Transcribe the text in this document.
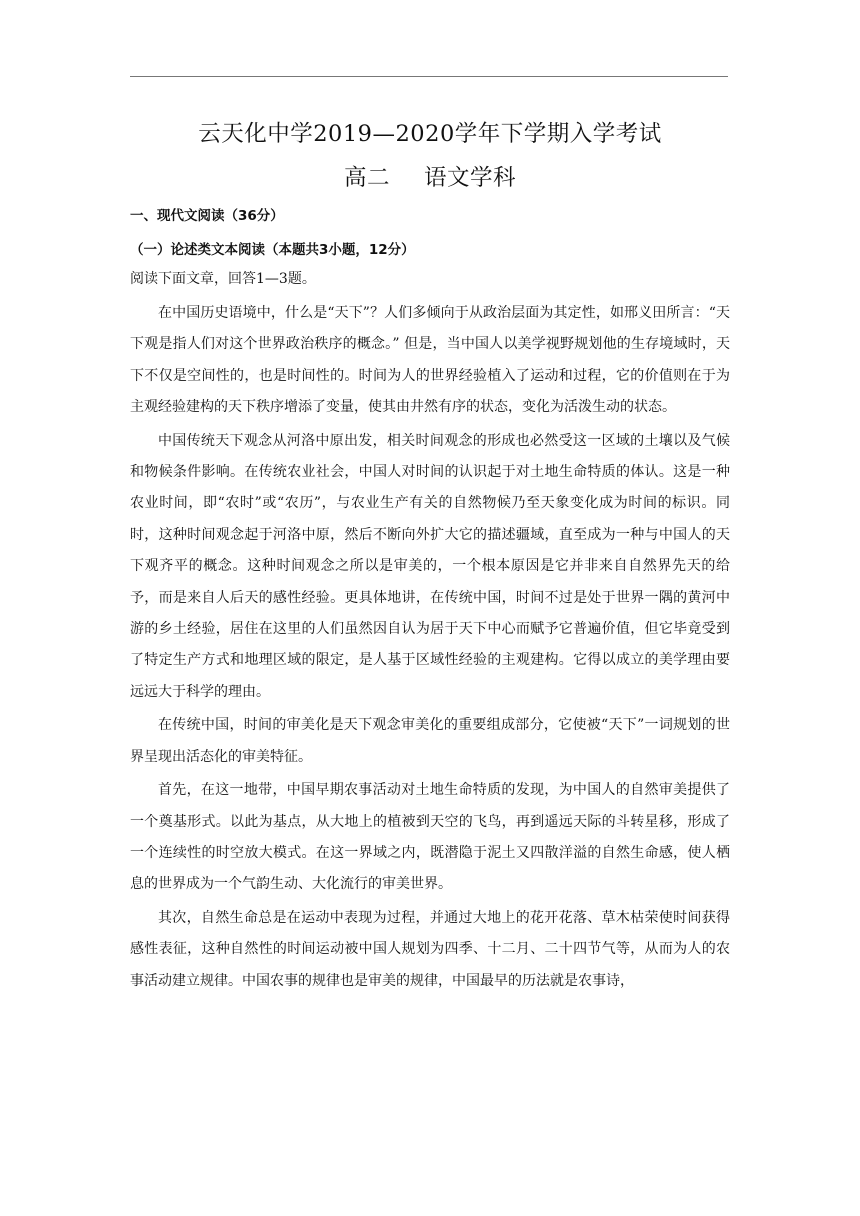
云天化中学2019—2020学年下学期入学考试
高二 语文学科
一、现代文阅读（36分）
（一）论述类文本阅读（本题共3小题，12分）
阅读下面文章，回答1—3题。

在中国历史语境中，什么是“天下”？人们多倾向于从政治层面为其定性，如邢义田所言：“天下观是指人们对这个世界政治秩序的概念。” 但是，当中国人以美学视野规划他的生存境域时，天下不仅是空间性的，也是时间性的。时间为人的世界经验植入了运动和过程，它的价值则在于为主观经验建构的天下秩序增添了变量，使其由井然有序的状态，变化为活泼生动的状态。

中国传统天下观念从河洛中原出发，相关时间观念的形成也必然受这一区域的土壤以及气候和物候条件影响。在传统农业社会，中国人对时间的认识起于对土地生命特质的体认。这是一种农业时间，即“农时”或“农历”，与农业生产有关的自然物候乃至天象变化成为时间的标识。同时，这种时间观念起于河洛中原，然后不断向外扩大它的描述疆域，直至成为一种与中国人的天下观齐平的概念。这种时间观念之所以是审美的，一个根本原因是它并非来自自然界先天的给予，而是来自人后天的感性经验。更具体地讲，在传统中国，时间不过是处于世界一隅的黄河中游的乡土经验，居住在这里的人们虽然因自认为居于天下中心而赋予它普遍价值，但它毕竟受到了特定生产方式和地理区域的限定，是人基于区域性经验的主观建构。它得以成立的美学理由要远远大于科学的理由。

在传统中国，时间的审美化是天下观念审美化的重要组成部分，它使被“天下”一词规划的世界呈现出活态化的审美特征。

首先，在这一地带，中国早期农事活动对土地生命特质的发现，为中国人的自然审美提供了一个奠基形式。以此为基点，从大地上的植被到天空的飞鸟，再到遥远天际的斗转星移，形成了一个连续性的时空放大模式。在这一界域之内，既潜隐于泥土又四散洋溢的自然生命感，使人栖息的世界成为一个气韵生动、大化流行的审美世界。

其次，自然生命总是在运动中表现为过程，并通过大地上的花开花落、草木枯荣使时间获得感性表征，这种自然性的时间运动被中国人规划为四季、十二月、二十四节气等，从而为人的农事活动建立规律。中国农事的规律也是审美的规律，中国最早的历法就是农事诗，
